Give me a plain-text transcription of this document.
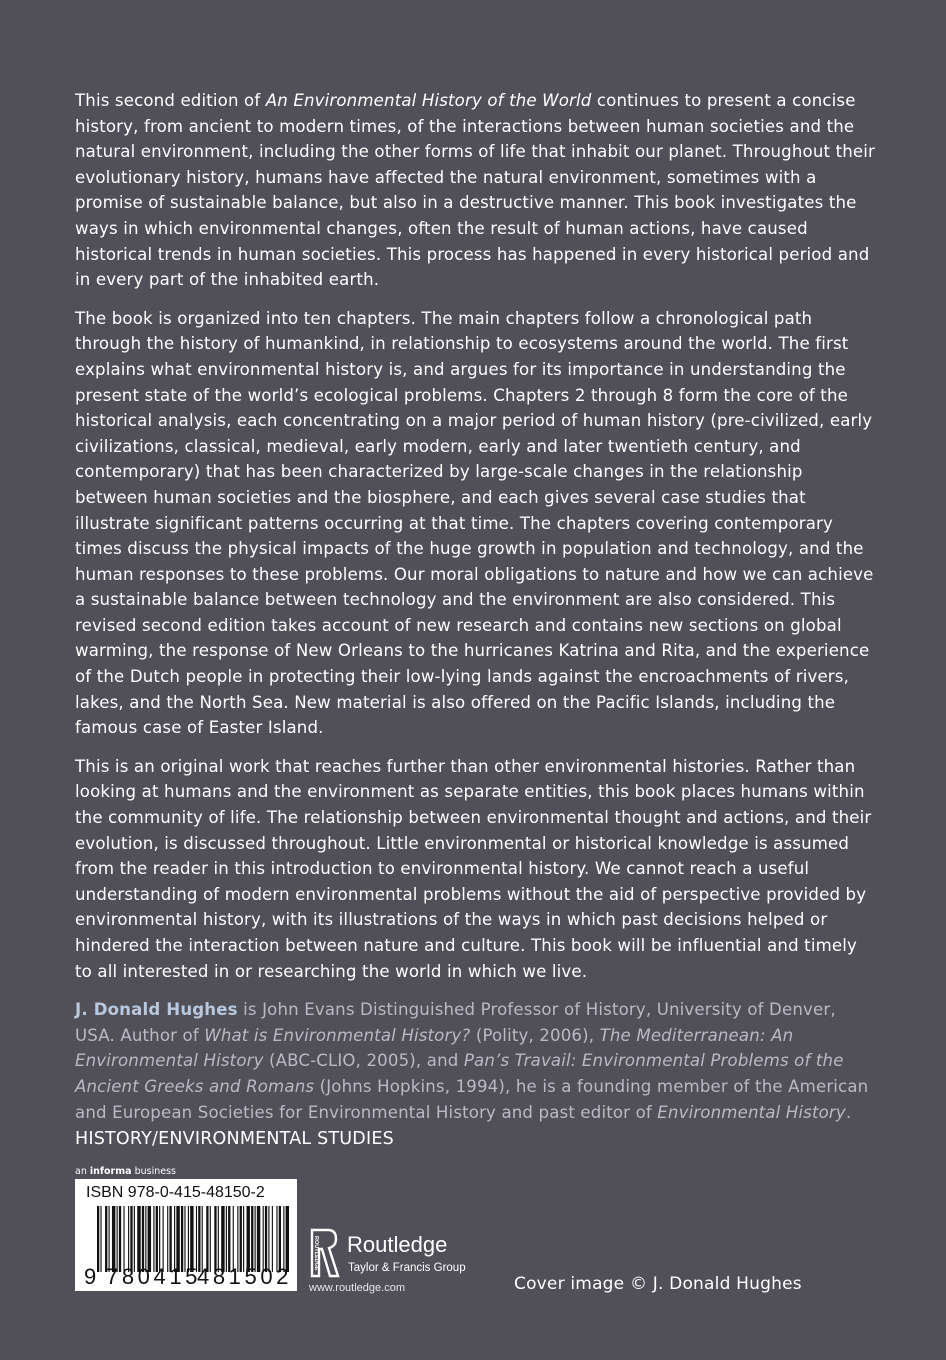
This second edition of An Environmental History of the World continues to present a concise history, from ancient to modern times, of the interactions between human societies and the natural environment, including the other forms of life that inhabit our planet. Throughout their evolutionary history, humans have affected the natural environment, sometimes with a promise of sustainable balance, but also in a destructive manner. This book investigates the ways in which environmental changes, often the result of human actions, have caused historical trends in human societies. This process has happened in every historical period and in every part of the inhabited earth.

The book is organized into ten chapters. The main chapters follow a chronological path through the history of humankind, in relationship to ecosystems around the world. The first explains what environmental history is, and argues for its importance in understanding the present state of the world’s ecological problems. Chapters 2 through 8 form the core of the historical analysis, each concentrating on a major period of human history (pre-civilized, early civilizations, classical, medieval, early modern, early and later twentieth century, and contemporary) that has been characterized by large-scale changes in the relationship between human societies and the biosphere, and each gives several case studies that illustrate significant patterns occurring at that time. The chapters covering contemporary times discuss the physical impacts of the huge growth in population and technology, and the human responses to these problems. Our moral obligations to nature and how we can achieve a sustainable balance between technology and the environment are also considered. This revised second edition takes account of new research and contains new sections on global warming, the response of New Orleans to the hurricanes Katrina and Rita, and the experience of the Dutch people in protecting their low-lying lands against the encroachments of rivers, lakes, and the North Sea. New material is also offered on the Pacific Islands, including the famous case of Easter Island.

This is an original work that reaches further than other environmental histories. Rather than looking at humans and the environment as separate entities, this book places humans within the community of life. The relationship between environmental thought and actions, and their evolution, is discussed throughout. Little environmental or historical knowledge is assumed from the reader in this introduction to environmental history. We cannot reach a useful understanding of modern environmental problems without the aid of perspective provided by environmental history, with its illustrations of the ways in which past decisions helped or hindered the interaction between nature and culture. This book will be influential and timely to all interested in or researching the world in which we live.

J. Donald Hughes is John Evans Distinguished Professor of History, University of Denver, USA. Author of What is Environmental History? (Polity, 2006), The Mediterranean: An Environmental History (ABC-CLIO, 2005), and Pan’s Travail: Environmental Problems of the Ancient Greeks and Romans (Johns Hopkins, 1994), he is a founding member of the American and European Societies for Environmental History and past editor of Environmental History.

HISTORY/ENVIRONMENTAL STUDIES
an informa business
ISBN 978-0-415-48150-2
9 780415
481502
ROUTLEDGE Routledge
Taylor & Francis Group
www.routledge.com	Cover image © J. Donald Hughes
